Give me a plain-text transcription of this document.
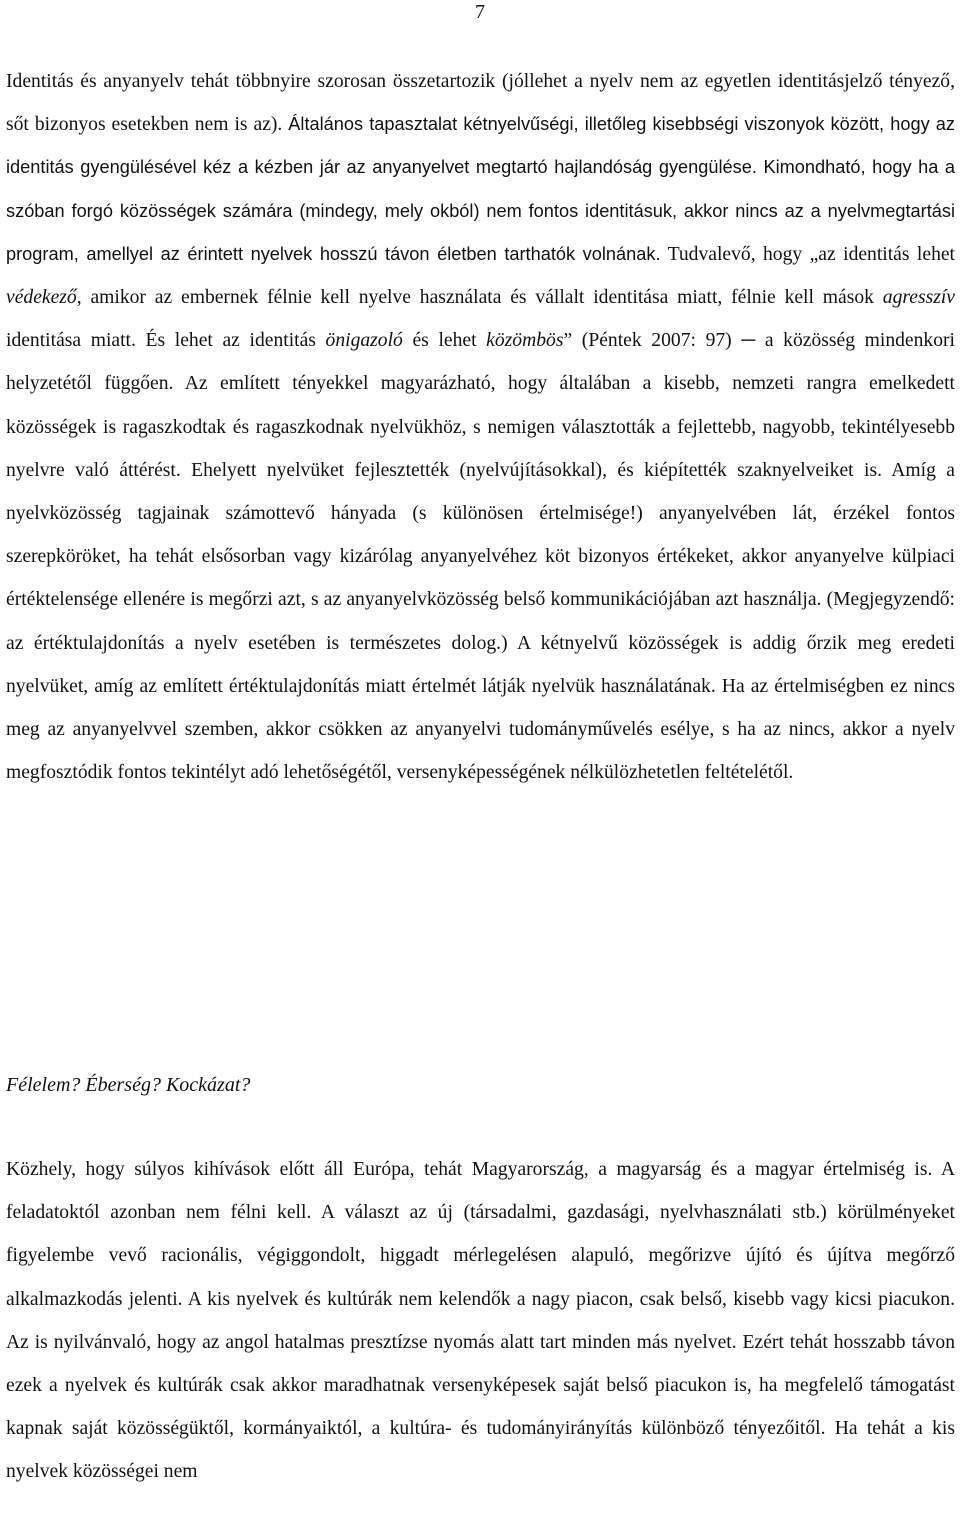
7

Identitás és anyanyelv tehát többnyire szorosan összetartozik (jóllehet a nyelv nem az egyetlen identitásjelző tényező, sőt bizonyos esetekben nem is az). Általános tapasztalat kétnyelvűségi, illetőleg kisebbségi viszonyok között, hogy az identitás gyengülésével kéz a kézben jár az anyanyelvet megtartó hajlandóság gyengülése. Kimondható, hogy ha a szóban forgó közösségek számára (mindegy, mely okból) nem fontos identitásuk, akkor nincs az a nyelvmegtartási program, amellyel az érintett nyelvek hosszú távon életben tarthatók volnának. Tudvalevő, hogy „az identitás lehet védekező, amikor az embernek félnie kell nyelve használata és vállalt identitása miatt, félnie kell mások agresszív identitása miatt. És lehet az identitás önigazoló és lehet közömbös” (Péntek 2007: 97) ─ a közösség mindenkori helyzetétől függően. Az említett tényekkel magyarázható, hogy általában a kisebb, nemzeti rangra emelkedett közösségek is ragaszkodtak és ragaszkodnak nyelvükhöz, s nemigen választották a fejlettebb, nagyobb, tekintélyesebb nyelvre való áttérést. Ehelyett nyelvüket fejlesztették (nyelvújításokkal), és kiépítették szaknyelveiket is. Amíg a nyelvközösség tagjainak számottevő hányada (s különösen értelmisége!) anyanyelvében lát, érzékel fontos szerepköröket, ha tehát elsősorban vagy kizárólag anyanyelvéhez köt bizonyos értékeket, akkor anyanyelve külpiaci értéktelensége ellenére is megőrzi azt, s az anyanyelvközösség belső kommunikációjában azt használja. (Megjegyzendő: az értéktulajdonítás a nyelv esetében is természetes dolog.) A kétnyelvű közösségek is addig őrzik meg eredeti nyelvüket, amíg az említett értéktulajdonítás miatt értelmét látják nyelvük használatának. Ha az értelmiségben ez nincs meg az anyanyelvvel szemben, akkor csökken az anyanyelvi tudományművelés esélye, s ha az nincs, akkor a nyelv megfosztódik fontos tekintélyt adó lehetőségétől, versenyképességének nélkülözhetetlen feltételétől.

Félelem? Éberség? Kockázat?

Közhely, hogy súlyos kihívások előtt áll Európa, tehát Magyarország, a magyarság és a magyar értelmiség is. A feladatoktól azonban nem félni kell. A választ az új (társadalmi, gazdasági, nyelvhasználati stb.) körülményeket figyelembe vevő racionális, végiggondolt, higgadt mérlegelésen alapuló, megőrizve újító és újítva megőrző alkalmazkodás jelenti. A kis nyelvek és kultúrák nem kelendők a nagy piacon, csak belső, kisebb vagy kicsi piacukon. Az is nyilvánvaló, hogy az angol hatalmas presztízse nyomás alatt tart minden más nyelvet. Ezért tehát hosszabb távon ezek a nyelvek és kultúrák csak akkor maradhatnak versenyképesek saját belső piacukon is, ha megfelelő támogatást kapnak saját közösségüktől, kormányaiktól, a kultúra- és tudományirányítás különböző tényezőitől. Ha tehát a kis nyelvek közösségei nem
